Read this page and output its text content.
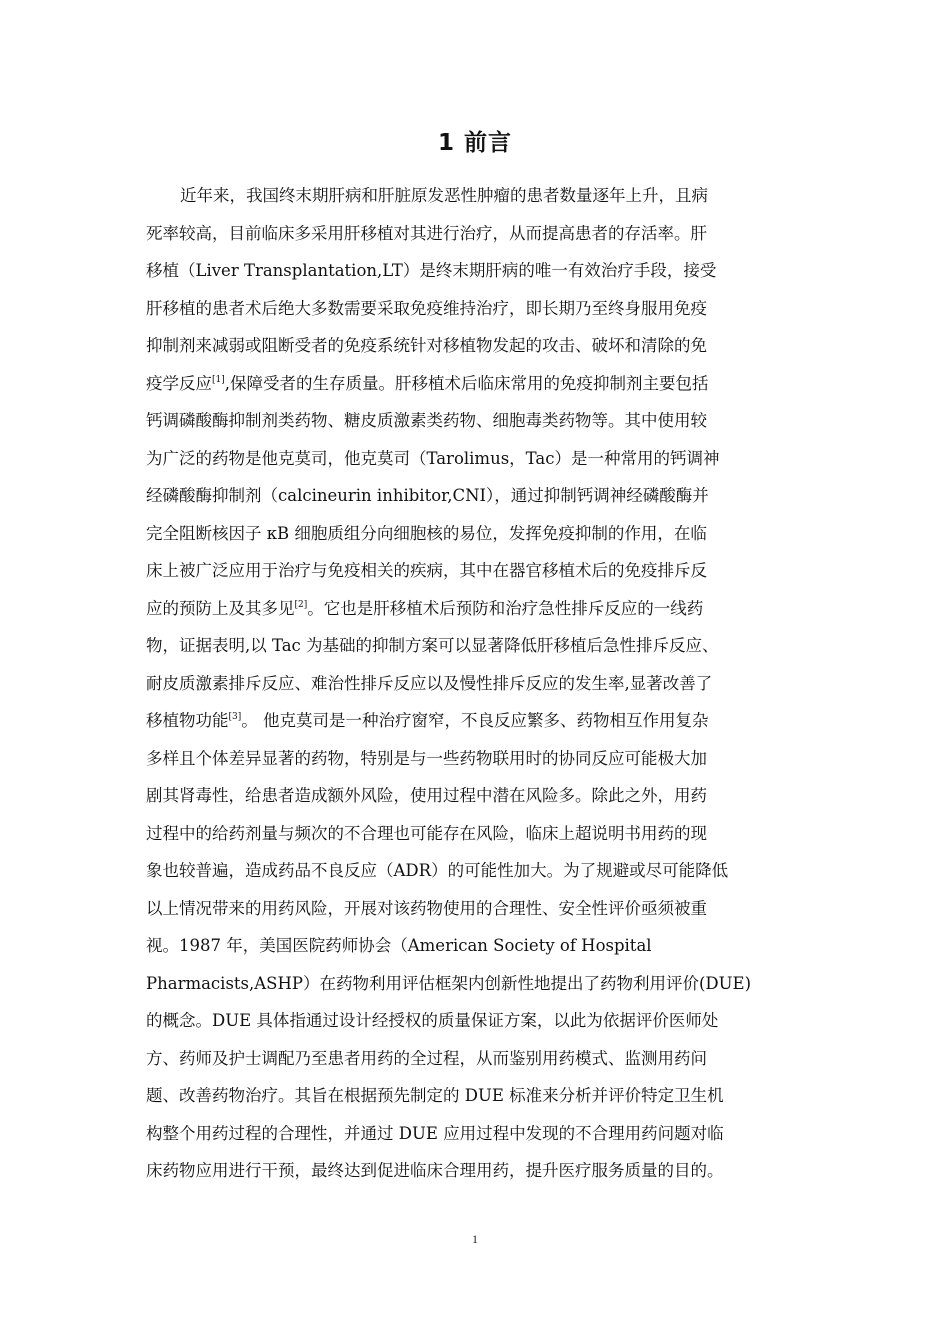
1 前言
近年来，我国终末期肝病和肝脏原发恶性肿瘤的患者数量逐年上升，且病
死率较高，目前临床多采用肝移植对其进行治疗，从而提高患者的存活率。肝
移植（Liver Transplantation,LT）是终末期肝病的唯一有效治疗手段，接受
肝移植的患者术后绝大多数需要采取免疫维持治疗，即长期乃至终身服用免疫
抑制剂来减弱或阻断受者的免疫系统针对移植物发起的攻击、破坏和清除的免
疫学反应[1],保障受者的生存质量。肝移植术后临床常用的免疫抑制剂主要包括
钙调磷酸酶抑制剂类药物、糖皮质激素类药物、细胞毒类药物等。其中使用较
为广泛的药物是他克莫司，他克莫司（Tarolimus，Tac）是一种常用的钙调神
经磷酸酶抑制剂（calcineurin inhibitor,CNI），通过抑制钙调神经磷酸酶并
完全阻断核因子 κB 细胞质组分向细胞核的易位，发挥免疫抑制的作用，在临
床上被广泛应用于治疗与免疫相关的疾病，其中在器官移植术后的免疫排斥反
应的预防上及其多见[2]。它也是肝移植术后预防和治疗急性排斥反应的一线药
物，证据表明,以 Tac 为基础的抑制方案可以显著降低肝移植后急性排斥反应、
耐皮质激素排斥反应、难治性排斥反应以及慢性排斥反应的发生率,显著改善了
移植物功能[3]。 他克莫司是一种治疗窗窄，不良反应繁多、药物相互作用复杂
多样且个体差异显著的药物，特别是与一些药物联用时的协同反应可能极大加
剧其肾毒性，给患者造成额外风险，使用过程中潜在风险多。除此之外，用药
过程中的给药剂量与频次的不合理也可能存在风险，临床上超说明书用药的现
象也较普遍，造成药品不良反应（ADR）的可能性加大。为了规避或尽可能降低
以上情况带来的用药风险，开展对该药物使用的合理性、安全性评价亟须被重
视。1987 年，美国医院药师协会（American Society of Hospital
Pharmacists,ASHP）在药物利用评估框架内创新性地提出了药物利用评价(DUE)
的概念。DUE 具体指通过设计经授权的质量保证方案，以此为依据评价医师处
方、药师及护士调配乃至患者用药的全过程，从而鉴别用药模式、监测用药问
题、改善药物治疗。其旨在根据预先制定的 DUE 标准来分析并评价特定卫生机
构整个用药过程的合理性，并通过 DUE 应用过程中发现的不合理用药问题对临
床药物应用进行干预，最终达到促进临床合理用药，提升医疗服务质量的目的。
1
